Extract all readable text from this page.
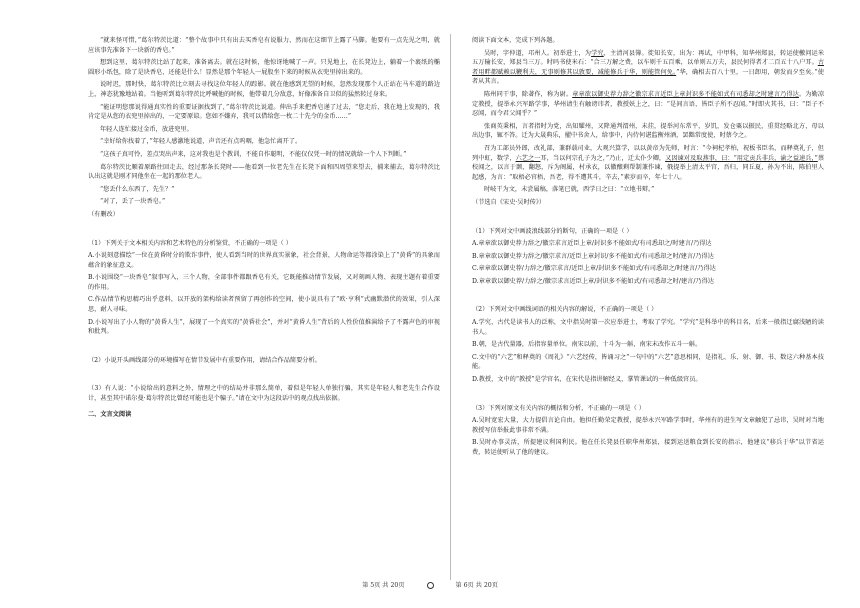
“就来怪可惜，”葛尔特茨比道：“整个故事中只有出去买香皂有说服力，然而在这细节上露了马脚。他要有一点先见之明，就应该事先准备下一块新的香皂。”

想到这里，葛尔特茨比站了起来，准备离去。就在这时候，他惊讶地喊了一声。只见地上，在长凳边上，躺着一个裹纸的椭圆形小纸包，除了是块香皂，还能是什么！显然是那个年轻人一屁股坐下来的时候从衣兜里掉出来的。

说时迟，那时快，葛尔特茨比立刻去寻找这位年轻人的踪影。就在他感到无望的时候，忽然发现那个人正站在马车道的路边上，神态犹豫地站着。当他听到葛尔特茨比呼喊他的时候，他带着几分敌意，好像准备自卫似的猛然转过身来。

“能证明您那说得通真实性的重要证据找到了，”葛尔特茨比说道。伸出手来把香皂递了过去，“您走后，我在地上发现的，我肯定是从您的衣兜里掉出的，一定要原谅。您如不嫌弃，我可以借给您一枚二十先令的金币……”

年轻人连忙接过金币，放进兜里。

“幸好给你找着了，”年轻人感激地说道，声音还有点呜咽，他急忙离开了。

“这孩子真可怜，差点哭出声来，这对我也是个教训，不能自作聪明，不能仅仅凭一时的情况就给一个人下判断。”

葛尔特茨比顺着原路往回走去，经过那条长凳时——他看到一位老先生在长凳下面和四周望来望去，捕来捕去，葛尔特茨比认出这就是刚才同他坐在一起的那位老人。

“您丢什么东西了，先生？”

“对了，丢了一块香皂。”

（有删改）

（1）下列关于文本相关内容和艺术特色的分析鉴赏，不正确的一项是（ ）

A.小说刻意描绘“一位在黄昏时分的欺诈事件，使人看到当时的世界真实景象，社会背景，人物命运等都涂染上了“黄昏”的具象而蕴含的象征意义。

B.小说围绕“一块香皂”叙事写入，三个人物，全部事件都跟香皂有关，它既能推动情节发展，又对刻画人物、表现主题有着重要的作用。

C.作品情节构思精巧出乎意料，以开放的架构给读者预留了再创作的空间，使小说具有了“欧·亨利”式幽默潜伏的效果，引人深思，耐人寻味。

D.小说写出了小人物的“黄昏人生”，展现了一个真实的“黄昏社会”，并对“黄昏人生”背后的人性价值推演给予了不露声色的审视和批判。

（2）小说开头画线部分的环境描写在情节发展中有重要作用，请结合作品简要分析。

（3）有人说：“小说给出的意料之外，情理之中的结局并非那么简单，着似是年轻人单独行骗，其实是年轻人和老先生合作设计，甚至其中诺尔曼·葛尔特茨比曾经可能也是个骗子。”请在文中为这段话中的观点找出依据。

二、文言文阅读

阅读下面文本，完成下列各题。

吴时，字仲道，邛州人。初举进士，为学究，主清河县簿。徙知长安，出为：再试，中甲科，知华州郑县，转运使檄问运米五万输长安，郑县当三万。时吗书使米石：“合三万解之费，以车则千五百乘，以单则五万夫，县民何得者才二百五十八户耳。古者用畔都赋赖以鞭利夫，无事则修其以敦要，减能修兵于华，则能管何免。”华，确相去百八十里，一日卸用，朝发而夕至矣。”使者从其言。

陈州同干事，除著作，称为尉。章章欲以御史荐力辞之徽宗求言近臣上章封识多不能如式有司悉却之时建言乃得达。为勤凉定教授，提举永兴军路学事，华州请生有触谤讳者，教授妖上之，曰：“是间言语，皆臣子所不忍闻。”时即火其书，曰：“臣子不忍闻，而令君父闻乎？”

张商英秉相，言者指时为党，出知耀州，又降通判渭州，未挂，提举河东常平，岁饥，发仓粟以振民，重贯经略北方，母以出边事，辄不答。迁为大晟典乐，擢中书舍人，给事中，内侍何谌监衡州酒，罢黜常度使，时蔡令之。

召为工部员外郎，改礼部，兼群载司业，大观兴算学，以以黄帝为先师，时言：“今祠杞孝柏，祝板书臣名，而释奠礼子，但列中虹，数学，六艺之一耳，当以何宗孔子为之，”乃止，迁太仆少卿，又因谏对及取燕事，曰：“用定贡兵非兵，渝之益速兵，”蔡校闻之，以言于颞，翻怒，斥为阁属，村承衣，以徽酿剩帮制兼作谏，俄提举上清太平宫，吾归，同丘夏，孙为不出，陈伯里人起感，为言：“取梧必官梧，吾老，得不遭其斗，辛去，”素岁而卒，年七十八。

时岐干为文，未尝属稿，落笔已就，西学日之曰：“立地书辩。”

（节选自《宋史·吴时传》）

（1）下列对文中画波浪线部分的断句，正确的一项是（ ）

A.章章欲以御史荐力辞之/徽宗求言近臣上章/封识多不能如式/有司悉却之/时建言/乃得达

B.章章欲以御史荐力辞之/徽宗求言/近臣上章封识/多不能如式/有司悉却之时/建言/乃得达

C.章章欲以御史荐/力辞之/徽宗求言/近臣上章/封识多不能如式/有司悉却之/时建言/乃得达

D.章章欲以御史荐/力辞之/徽宗求言近臣上章/封识多不能如式/有司悉却之时/建言/乃得达

（2）下列对文中画线词语的相关内容的解说，不正确的一项是（ ）

A.学究，古代是读书人的泛称，文中指吴时第一次应举进士，考取了学究。“学究”是科举中的科目名，后来一般指迂腐浅陋的读书人。

B.朝，是古代量器，后指容量单位。南宋以前，十斗为一斛，南宋末改作五斗一斛。

C.文中的“六艺”和释奠的《周礼》“六艺经传，皆诵习之”一句中的“六艺”意思相同，是指礼、乐、射、御、书、数这六种基本技能。

D.教授，文中的“教授”是学官名，在宋代是指讲解经义，掌管课试的一种低级官员。

（3）下列对原文有关内容的概括和分析，不正确的一项是（ ）

A.吴时宽宏大量，大力提倡言论自由。他担任勤荣定教授，提举永兴军路学事时，华州有的进生写文章触犯了忌讳，吴时对当地教授写信举报此事非常不满。

B.吴时办事灵活，所提建议利国利民。他在任长凳县任职华州郑县，接到运送粮食到长安的指示，他建议“移兵于华”以节省运费，转运使听从了他的建议。

第 5页 共 20页	第 6页 共 20页
